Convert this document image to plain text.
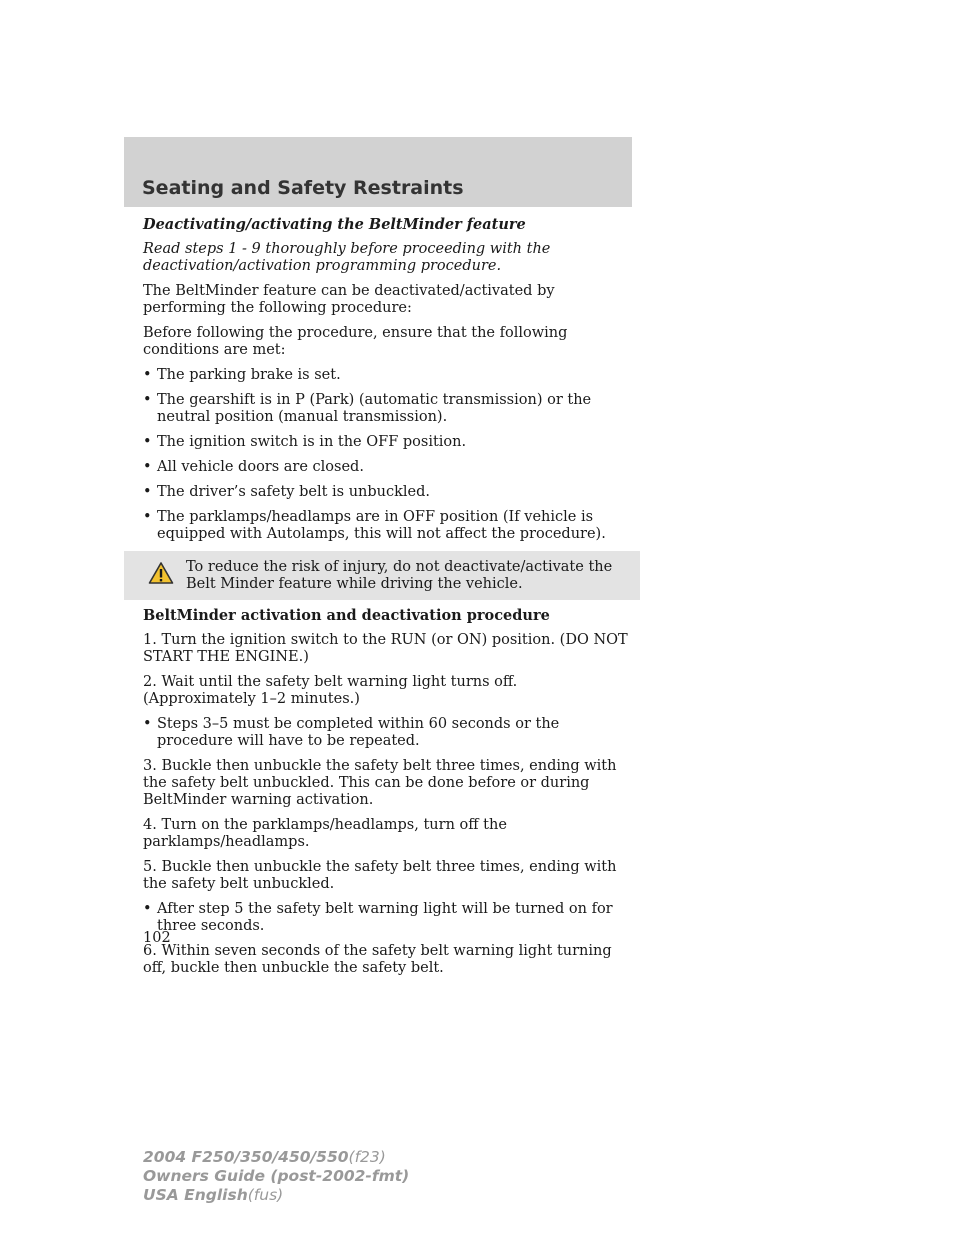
Seating and Safety Restraints

Deactivating/activating the BeltMinder feature

Read steps 1 - 9 thoroughly before proceeding with the deactivation/activation programming procedure.

The BeltMinder feature can be deactivated/activated by performing the following procedure:

Before following the procedure, ensure that the following conditions are met:

• The parking brake is set.
• The gearshift is in P (Park) (automatic transmission) or the neutral position (manual transmission).
• The ignition switch is in the OFF position.
• All vehicle doors are closed.
• The driver’s safety belt is unbuckled.
• The parklamps/headlamps are in OFF position (If vehicle is equipped with Autolamps, this will not affect the procedure).
To reduce the risk of injury, do not deactivate/activate the Belt Minder feature while driving the vehicle.

BeltMinder activation and deactivation procedure

1. Turn the ignition switch to the RUN (or ON) position. (DO NOT START THE ENGINE.)

2. Wait until the safety belt warning light turns off. (Approximately 1–2 minutes.)

• Steps 3–5 must be completed within 60 seconds or the procedure will have to be repeated.

3. Buckle then unbuckle the safety belt three times, ending with the safety belt unbuckled. This can be done before or during BeltMinder warning activation.

4. Turn on the parklamps/headlamps, turn off the parklamps/headlamps.

5. Buckle then unbuckle the safety belt three times, ending with the safety belt unbuckled.

• After step 5 the safety belt warning light will be turned on for three seconds.

6. Within seven seconds of the safety belt warning light turning off, buckle then unbuckle the safety belt.

102
2004 F250/350/450/550(f23)
Owners Guide (post-2002-fmt)
USA English(fus)
